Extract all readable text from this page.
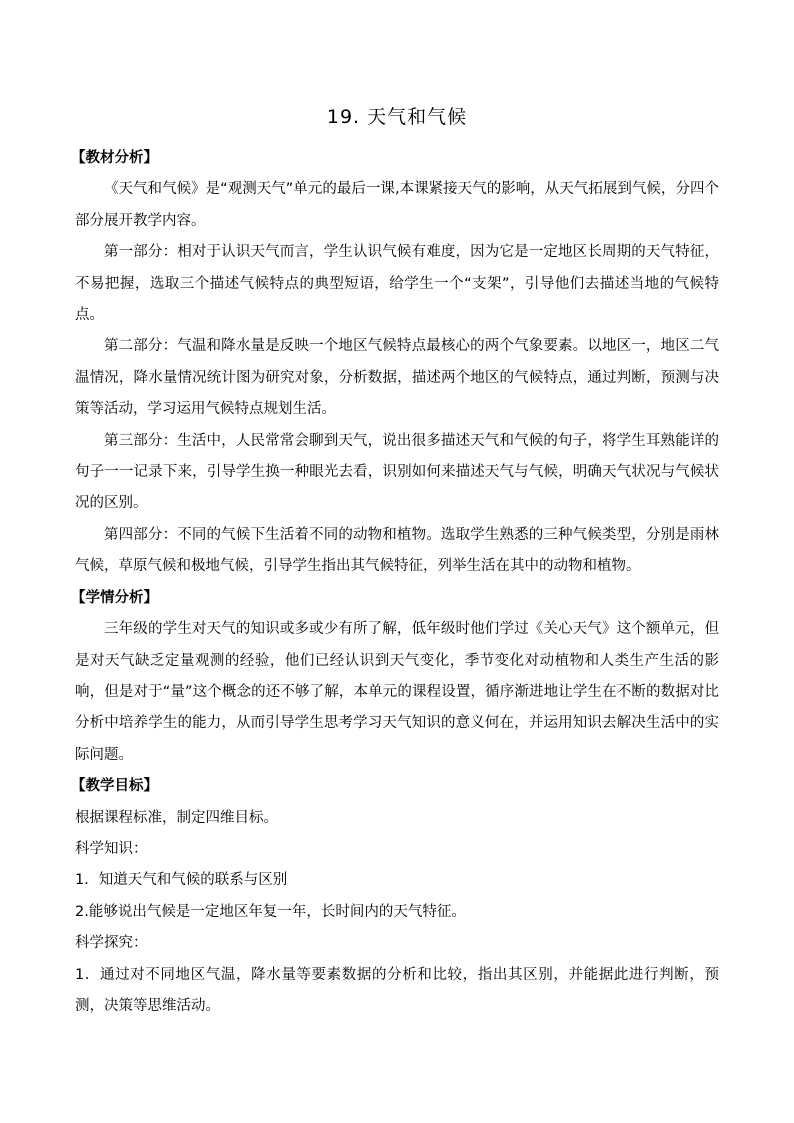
19. 天气和气候

【教材分析】

《天气和气候》是“观测天气”单元的最后一课,本课紧接天气的影响，从天气拓展到气候，分四个部分展开教学内容。

第一部分：相对于认识天气而言，学生认识气候有难度，因为它是一定地区长周期的天气特征，不易把握，选取三个描述气候特点的典型短语，给学生一个“支架”，引导他们去描述当地的气候特点。

第二部分：气温和降水量是反映一个地区气候特点最核心的两个气象要素。以地区一，地区二气温情况，降水量情况统计图为研究对象，分析数据，描述两个地区的气候特点，通过判断，预测与决策等活动，学习运用气候特点规划生活。

第三部分：生活中，人民常常会聊到天气，说出很多描述天气和气候的句子，将学生耳熟能详的句子一一记录下来，引导学生换一种眼光去看，识别如何来描述天气与气候，明确天气状况与气候状况的区别。

第四部分：不同的气候下生活着不同的动物和植物。选取学生熟悉的三种气候类型，分别是雨林气候，草原气候和极地气候，引导学生指出其气候特征，列举生活在其中的动物和植物。

【学情分析】

三年级的学生对天气的知识或多或少有所了解，低年级时他们学过《关心天气》这个额单元，但是对天气缺乏定量观测的经验，他们已经认识到天气变化，季节变化对动植物和人类生产生活的影响，但是对于“量”这个概念的还不够了解，本单元的课程设置，循序渐进地让学生在不断的数据对比分析中培养学生的能力，从而引导学生思考学习天气知识的意义何在，并运用知识去解决生活中的实际问题。

【教学目标】

根据课程标准，制定四维目标。

科学知识：

1．知道天气和气候的联系与区别

2.能够说出气候是一定地区年复一年，长时间内的天气特征。

科学探究：

1．通过对不同地区气温，降水量等要素数据的分析和比较，指出其区别，并能据此进行判断，预测，决策等思维活动。
